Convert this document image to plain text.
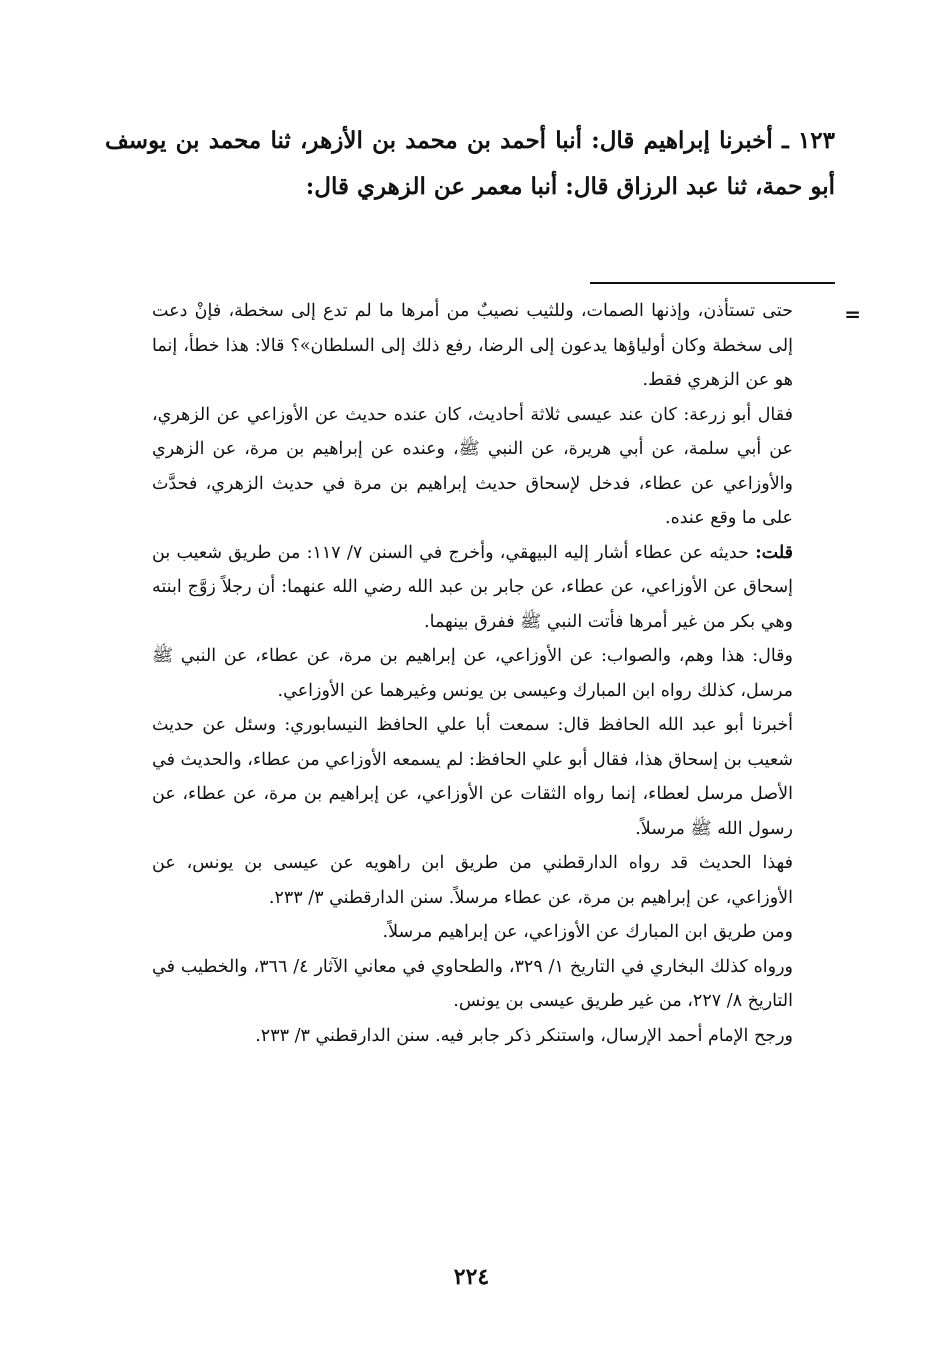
١٢٣ ـ أخبرنا إبراهيم قال: أنبا أحمد بن محمد بن الأزهر، ثنا محمد بن يوسف أبو حمة، ثنا عبد الرزاق قال: أنبا معمر عن الزهري قال:
=

حتى تستأذن، وإذنها الصمات، وللثيب نصيبٌ من أمرها ما لم تدع إلى سخطة، فإنْ دعت إلى سخطة وكان أولياؤها يدعون إلى الرضا، رفع ذلك إلى السلطان»؟ قالا: هذا خطأ، إنما هو عن الزهري فقط.

فقال أبو زرعة: كان عند عيسى ثلاثة أحاديث، كان عنده حديث عن الأوزاعي عن الزهري، عن أبي سلمة، عن أبي هريرة، عن النبي ﷺ، وعنده عن إبراهيم بن مرة، عن الزهري والأوزاعي عن عطاء، فدخل لإسحاق حديث إبراهيم بن مرة في حديث الزهري، فحدَّث على ما وقع عنده.

قلت: حديثه عن عطاء أشار إليه البيهقي، وأخرج في السنن ٧/ ١١٧: من طريق شعيب بن إسحاق عن الأوزاعي، عن عطاء، عن جابر بن عبد الله رضي الله عنهما: أن رجلاً زوَّج ابنته وهي بكر من غير أمرها فأتت النبي ﷺ ففرق بينهما.

وقال: هذا وهم، والصواب: عن الأوزاعي، عن إبراهيم بن مرة، عن عطاء، عن النبي ﷺ مرسل، كذلك رواه ابن المبارك وعيسى بن يونس وغيرهما عن الأوزاعي.

أخبرنا أبو عبد الله الحافظ قال: سمعت أبا علي الحافظ النيسابوري: وسئل عن حديث شعيب بن إسحاق هذا، فقال أبو علي الحافظ: لم يسمعه الأوزاعي من عطاء، والحديث في الأصل مرسل لعطاء، إنما رواه الثقات عن الأوزاعي، عن إبراهيم بن مرة، عن عطاء، عن رسول الله ﷺ مرسلاً.

فهذا الحديث قد رواه الدارقطني من طريق ابن راهويه عن عيسى بن يونس، عن الأوزاعي، عن إبراهيم بن مرة، عن عطاء مرسلاً. سنن الدارقطني ٣/ ٢٣٣.

ومن طريق ابن المبارك عن الأوزاعي، عن إبراهيم مرسلاً.

ورواه كذلك البخاري في التاريخ ١/ ٣٢٩، والطحاوي في معاني الآثار ٤/ ٣٦٦، والخطيب في التاريخ ٨/ ٢٢٧، من غير طريق عيسى بن يونس.

ورجح الإمام أحمد الإرسال، واستنكر ذكر جابر فيه. سنن الدارقطني ٣/ ٢٣٣.

٢٢٤
